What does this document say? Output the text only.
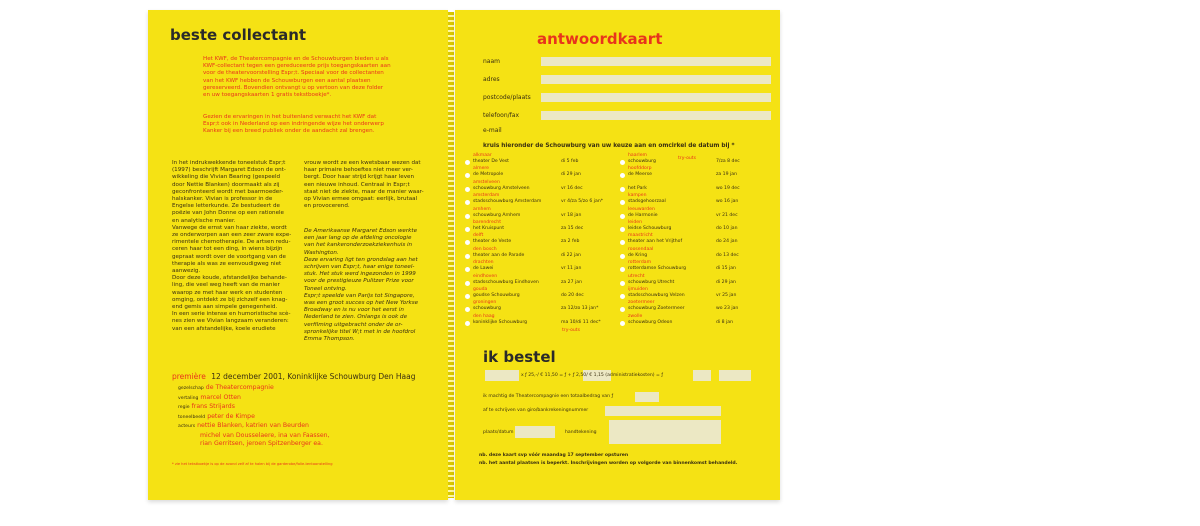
beste collectant
Het KWF, de Theatercompagnie en de Schouwburgen bieden u als
KWF-collectant tegen een gereduceerde prijs toegangskaarten aan
voor de theatervoorstelling Espr;t. Speciaal voor de collectanten
van het KWF hebben de Schouwburgen een aantal plaatsen
gereserveerd. Bovendien ontvangt u op vertoon van deze folder
en uw toegangskaarten 1 gratis tekstboekje*.
Gezien de ervaringen in het buitenland verwacht het KWF dat
Espr;t ook in Nederland op een indringende wijze het onderwerp
Kanker bij een breed publiek onder de aandacht zal brengen.
In het indrukwekkende toneelstuk Espr;t
(1997) beschrijft Margaret Edson de ont-
wikkeling die Vivian Bearing (gespeeld
door Nettie Blanken) doormaakt als zij
geconfronteerd wordt met baarmoeder-
halskanker. Vivian is professor in de
Engelse letterkunde. Ze bestudeert de
poëzie van John Donne op een rationele
en analytische manier.
Vanwege de ernst van haar ziekte, wordt
ze onderworpen aan een zeer zware expe-
rimentele chemotherapie. De artsen redu-
ceren haar tot een ding, in wiens bijzijn
gepraat wordt over de voortgang van de
therapie als was ze eenvoudigweg niet
aanwezig.
Door deze koude, afstandelijke behande-
ling, die veel weg heeft van de manier
waarop ze met haar werk en studenten
omging, ontdekt ze bij zichzelf een knag-
end gemis aan simpele genegenheid.
In een serie intense en humoristische scè-
nes zien we Vivian langzaam veranderen:
van een afstandelijke, koele erudiete
vrouw wordt ze een kwetsbaar wezen dat
haar primaire behoeftes niet meer ver-
bergt. Door haar strijd krijgt haar leven
een nieuwe inhoud. Centraal in Espr;t
staat niet de ziekte, maar de manier waar-
op Vivian ermee omgaat: eerlijk, brutaal
en provocerend.
De Amerikaanse Margaret Edson werkte
een jaar lang op de afdeling oncologie
van het kankeronderzoekziekenhuis in
Washington.
Deze ervaring ligt ten grondslag aan het
schrijven van Espr;t, haar enige toneel-
stuk. Het stuk werd ingezonden in 1999
voor de prestigieuze Pulitzer Prize voor
Toneel ontving.
Espr;t speelde van Parijs tot Singapore,
was een groot succes op het New Yorkse
Broadway en is nu voor het eerst in
Nederland te zien. Onlangs is ook de
verfilming uitgebracht onder de or-
spronkelijke titel W;t met in de hoofdrol
Emma Thompson.
première 12 december 2001, Koninklijke Schouwburg Den Haag
gezelschap de Theatercompagnie
vertaling marcel Otten
regie frans Strijards
toneelbeeld peter de Kimpe
acteurs nettie Blanken, katrien van Beurden
michel van Dousselaere, ina van Faassen,
rian Gerritsen, jeroen Spitzenberger ea.
* zie het tekstboekje is op de avond zelf af te halen bij de garderobe/folie-tentoonstelling
antwoordkaart
naam
adres
postcode/plaats
telefoon/fax
e-mail
kruis hieronder de Schouwburg van uw keuze aan en omcirkel de datum bij *
alkmaar
theater De Vest	di 5 feb
almere
de Metropole	di 29 jan
amstelveen
schouwburg Amstelveen	vr 16 dec
amsterdam
stadsschouwburg Amsterdam	vr 4/za 5/zo 6 jan*
arnhem
schouwburg Arnhem	vr 18 jan
barendrecht
het Kruispunt	za 15 dec
delft
theater de Veste	za 2 feb
den bosch
theater aan de Parade	di 22 jan
drachten
de Lawei	vr 11 jan
eindhoven
stadsschouwburg Eindhoven	za 27 jan
gouda
goudse Schouwburg	do 20 dec
groningen
schouwburg	za 12/zo 13 jan*
den haag
koninklijke Schouwburg	ma 10/di 11 dec*
haarlem
schouwburg	7/za 8 dec
hoofddorp
de Meerse	za 19 jan
het Park	wo 19 dec
kampen
stadsgehoorzaal	wo 16 jan
leeuwarden
de Harmonie	vr 21 dec
leiden
leidse Schouwburg	do 10 jan
maastricht
theater aan het Vrijthof	do 24 jan
roosendaal
de Kring	do 13 dec
rotterdam
rotterdamse Schouwburg	di 15 jan
utrecht
schouwburg Utrecht	di 29 jan
ijmuiden
stadsschouwburg Velzen	vr 25 jan
zoetermeer
schouwburg Zoetermeer	wo 23 jan
zwolle
schouwburg Odeon	di 8 jan
try-outs
try-outs
ik bestel
x ƒ 25,-/ € 11,50 = ƒ + ƒ 2,50/ € 1,15 (administratiekosten) = ƒ
ik machtig de Theatercompagnie een totaalbedrag van ƒ
af te schrijven van giro/bankrekeningnummer
plaats/datum	handtekening
nb. deze kaart svp vóór maandag 17 september opsturen
nb. het aantal plaatsen is beperkt. Inschrijvingen worden op volgorde van binnenkomst behandeld.
